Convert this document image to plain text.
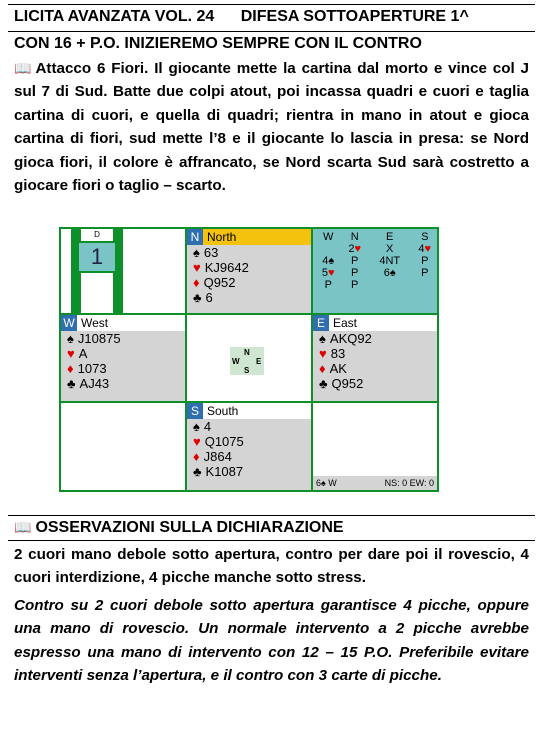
LICITA AVANZATA VOL. 24 DIFESA SOTTOAPERTURE 1^
CON 16 + P.O. INIZIEREMO SEMPRE CON IL CONTRO
📖 Attacco 6 Fiori. Il giocante mette la cartina dal morto e vince col J sul 7 di Sud. Batte due colpi atout, poi incassa quadri e cuori e taglia cartina di cuori, e quella di quadri; rientra in mano in atout e gioca cartina di fiori, sud mette l’8 e il giocante lo lascia in presa: se Nord gioca fiori, il colore è affrancato, se Nord scarta Sud sarà costretto a giocare fiori o taglio – scarto.
D
1
N North
♠ 63
♥ KJ9642
♦ Q952
♣ 6
W	N	E	S
	2♥	X	4♥
4♠	P	4NT	P
5♥	P	6♠	P
P	P		
W West
♠ J10875
♥ A
♦ 1073
♣ AJ43
N
W E
S
E East
♠ AKQ92
♥ 83
♦ AK
♣ Q952
S South
♠ 4
♥ Q1075
♦ J864
♣ K1087
6♠ W	NS: 0 EW: 0
📖 OSSERVAZIONI SULLA DICHIARAZIONE
2 cuori mano debole sotto apertura, contro per dare poi il rovescio, 4 cuori interdizione, 4 picche manche sotto stress.
Contro su 2 cuori debole sotto apertura garantisce 4 picche, oppure una mano di rovescio. Un normale intervento a 2 picche avrebbe espresso una mano di intervento con 12 – 15 P.O. Preferibile evitare interventi senza l’apertura, e il contro con 3 carte di picche.
